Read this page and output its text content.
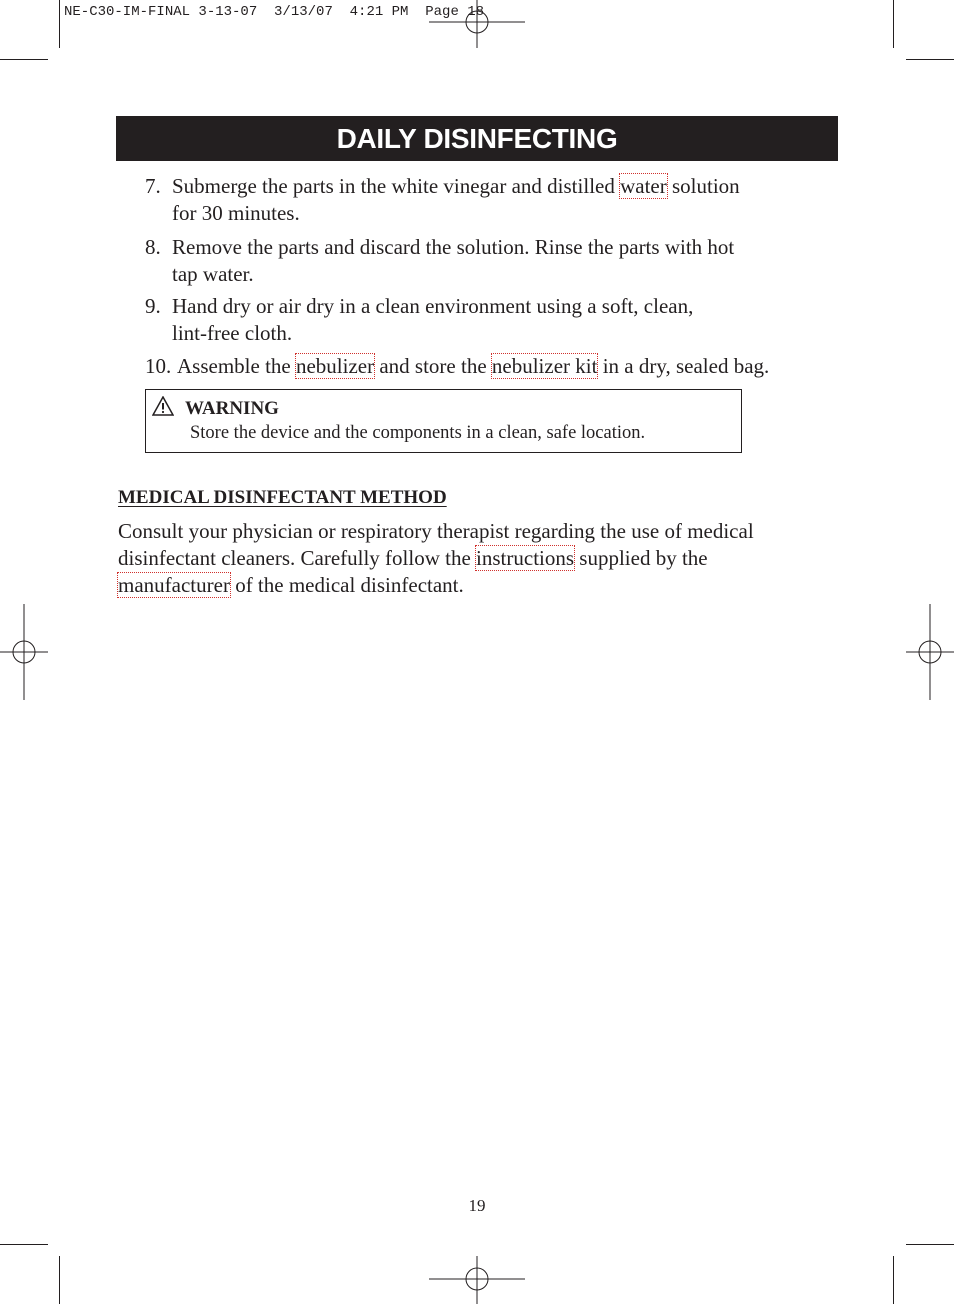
NE-C30-IM-FINAL 3-13-07  3/13/07  4:21 PM  Page 18
DAILY DISINFECTING
7. Submerge the parts in the white vinegar and distilled water solution
for 30 minutes.
8. Remove the parts and discard the solution. Rinse the parts with hot
tap water.
9. Hand dry or air dry in a clean environment using a soft, clean,
lint-free cloth.
10. Assemble the nebulizer and store the nebulizer kit in a dry, sealed bag.
WARNING
Store the device and the components in a clean, safe location.
MEDICAL DISINFECTANT METHOD
Consult your physician or respiratory therapist regarding the use of medical
disinfectant cleaners. Carefully follow the instructions supplied by the
manufacturer of the medical disinfectant.
19
